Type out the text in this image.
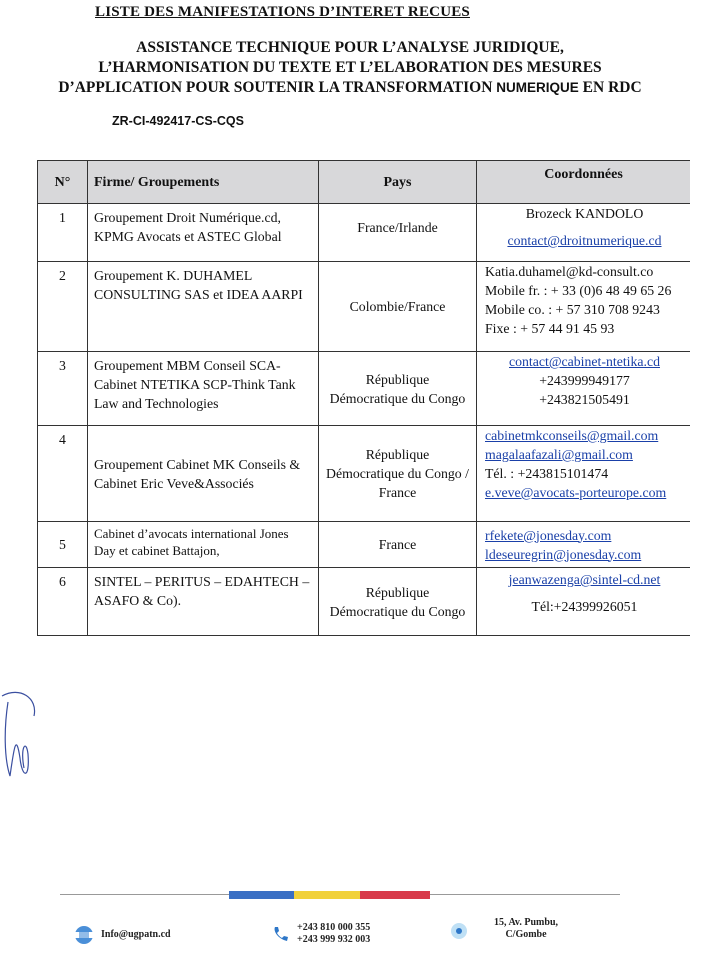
LISTE DES MANIFESTATIONS D’INTERET RECUES
ASSISTANCE TECHNIQUE POUR L’ANALYSE JURIDIQUE,
L’HARMONISATION DU TEXTE ET L’ELABORATION DES MESURES
D’APPLICATION POUR SOUTENIR LA TRANSFORMATION NUMERIQUE EN RDC
ZR-CI-492417-CS-CQS
N°	Firme/ Groupements	Pays	Coordonnées
1	Groupement Droit Numérique.cd, KPMG Avocats et ASTEC Global	France/Irlande	Brozeck KANDOLO
contact@droitnumerique.cd

2	Groupement K. DUHAMEL CONSULTING SAS et IDEA AARPI	Colombie/France	Katia.duhamel@kd-consult.co
Mobile fr. : + 33 (0)6 48 49 65 26
Mobile co. : + 57 310 708 9243
Fixe : + 57 44 91 45 93

3	Groupement MBM Conseil SCA- Cabinet NTETIKA SCP-Think Tank Law and Technologies	République Démocratique du Congo	contact@cabinet-ntetika.cd
+243999949177
+243821505491

4	Groupement Cabinet MK Conseils & Cabinet Eric Veve&Associés	République Démocratique du Congo / France	cabinetmkconseils@gmail.com
magalaafazali@gmail.com
Tél. : +243815101474
e.veve@avocats-porteurope.com

5	Cabinet d’avocats international Jones Day et cabinet Battajon,	France	rfekete@jonesday.com
ldeseuregrin@jonesday.com

6	SINTEL – PERITUS – EDAHTECH – ASAFO & Co).	République Démocratique du Congo	jeanwazenga@sintel-cd.net
Tél:+24399926051
Info@ugpatn.cd
+243 810 000 355
+243 999 932 003
15, Av. Pumbu,
C/Gombe
